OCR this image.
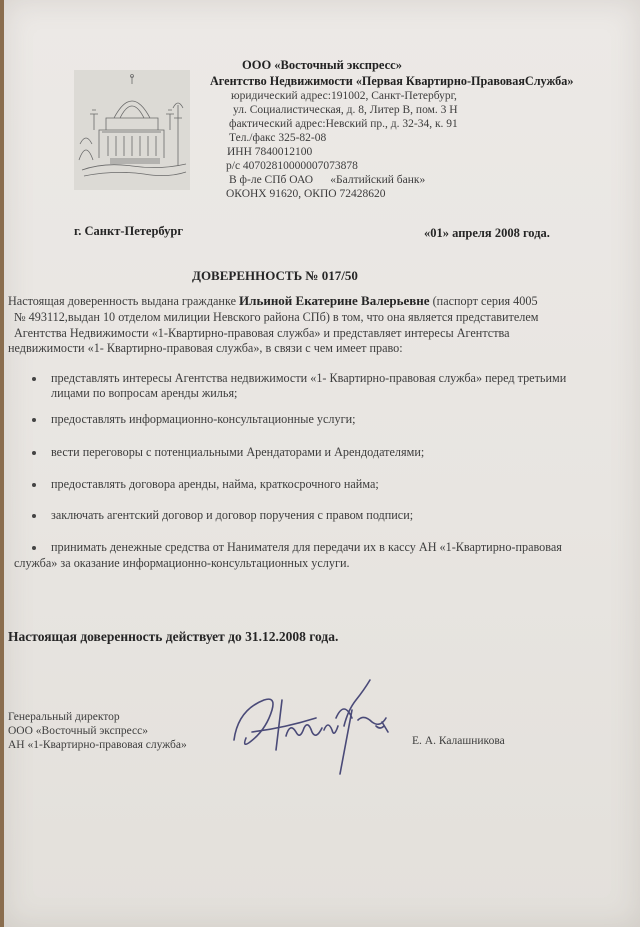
ООО «Восточный экспресс»
Агентство Недвижимости «Первая Квартирно-ПравоваяСлужба»
юридический адрес:191002, Санкт-Петербург,
ул. Социалистическая, д. 8, Литер В, пом. 3 Н
фактический адрес:Невский пр., д. 32-34, к. 91
Тел./факс 325-82-08
ИНН 7840012100
р/с 40702810000007073878
В ф-ле СПб ОАО      «Балтийский банк»
ОКОНХ 91620, ОКПО 72428620
г. Санкт-Петербург	«01» апреля 2008 года.
ДОВЕРЕННОСТЬ № 017/50
Настоящая доверенность выдана гражданке Ильиной Екатерине Валерьевне (паспорт серия 4005
№ 493112,выдан 10 отделом милиции Невского района СПб) в том, что она является представителем
Агентства Недвижимости «1-Квартирно-правовая служба» и представляет интересы Агентства
недвижимости «1- Квартирно-правовая служба», в связи с чем имеет право:
представлять интересы Агентства недвижимости «1- Квартирно-правовая служба» перед третьими
лицами по вопросам аренды жилья;
предоставлять информационно-консультационные услуги;
вести переговоры с потенциальными Арендаторами и Арендодателями;
предоставлять договора аренды, найма, краткосрочного найма;
заключать агентский договор и договор поручения с правом подписи;
принимать денежные средства от Нанимателя для передачи их в кассу АН «1-Квартирно-правовая
служба» за оказание информационно-консультационных услуги.
Настоящая доверенность действует до 31.12.2008 года.
Генеральный директор
ООО «Восточный экспресс»
АН «1-Квартирно-правовая служба»	Е. А. Калашникова
